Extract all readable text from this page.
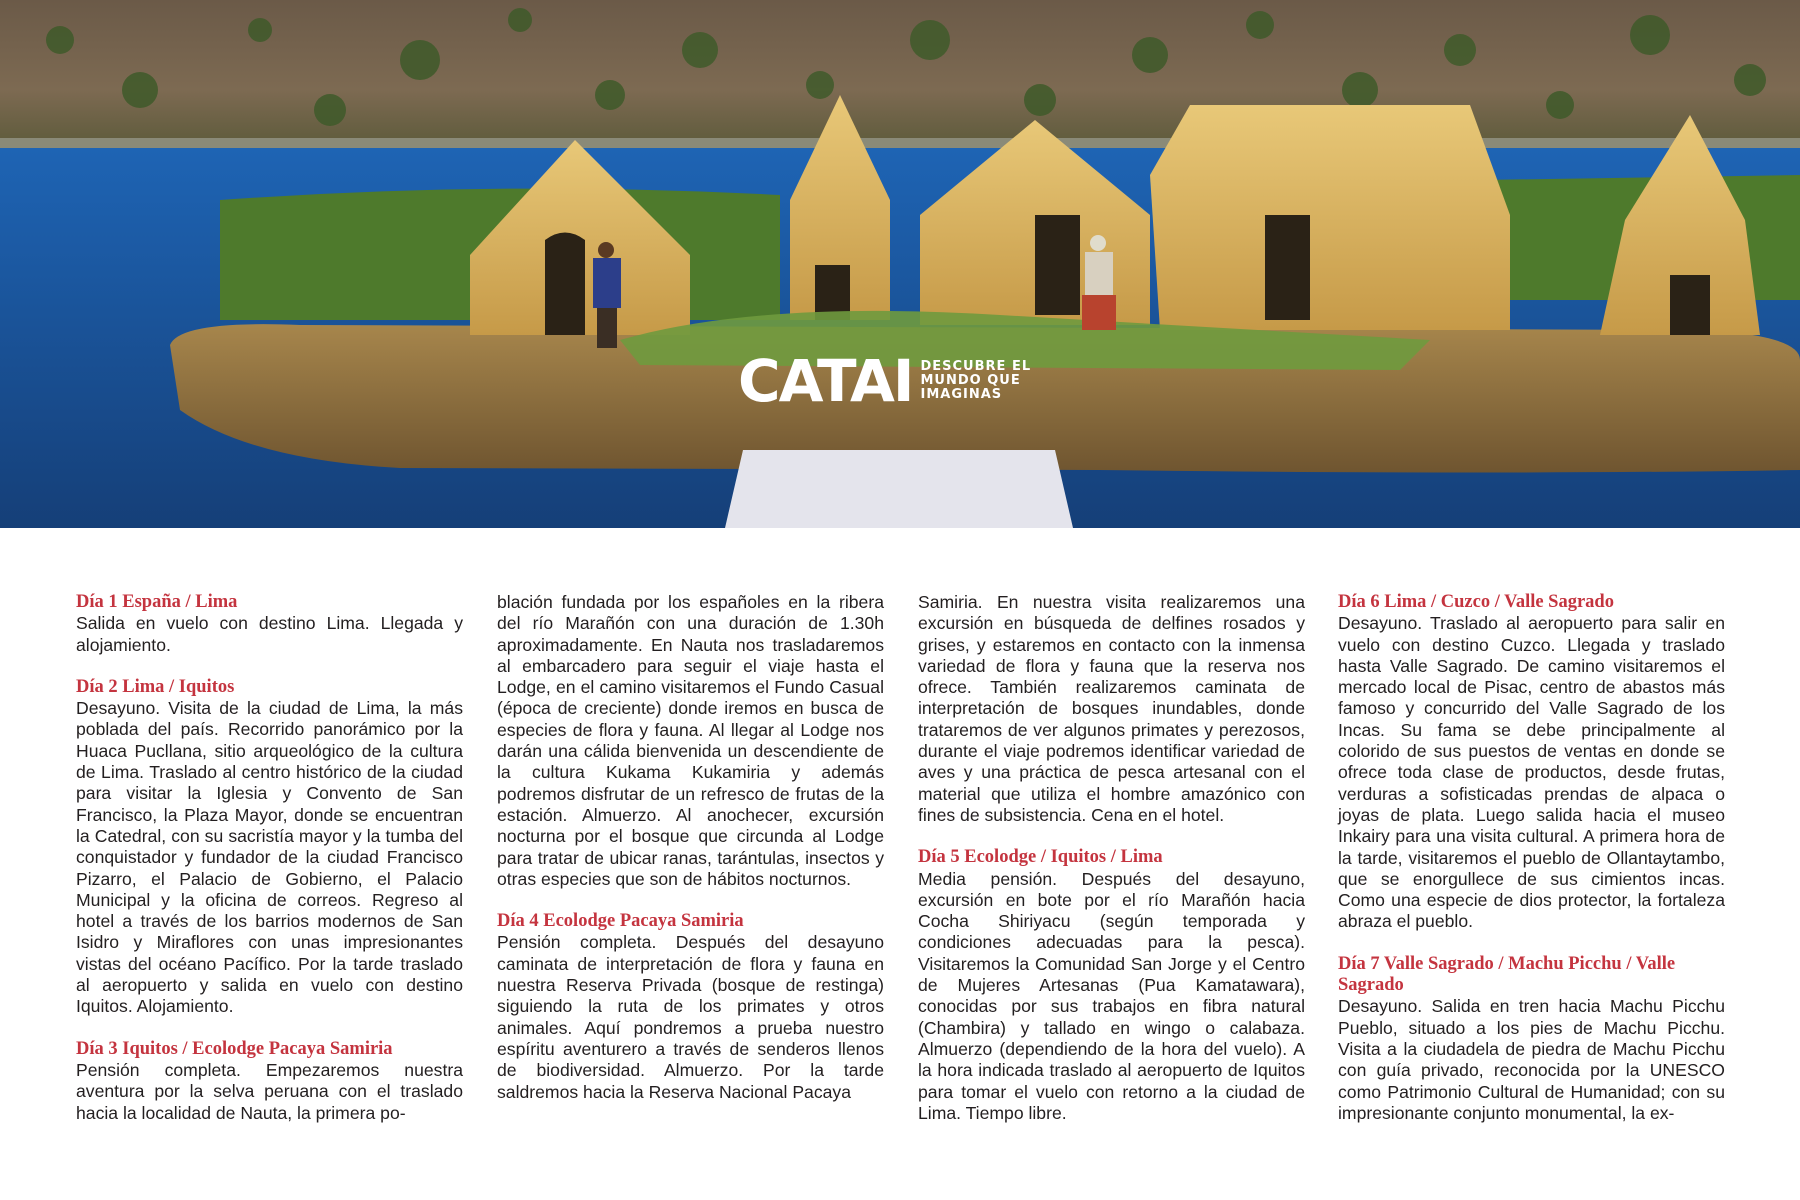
CATAI DESCUBRE EL
MUNDO QUE
IMAGINAS
Día 1 España / Lima
Salida en vuelo con destino Lima. Llegada y alojamiento.
Día 2 Lima / Iquitos
Desayuno. Visita de la ciudad de Lima, la más poblada del país. Recorrido panorámico por la Huaca Pucllana, sitio arqueológico de la cultura de Lima. Traslado al centro histórico de la ciudad para visitar la Iglesia y Convento de San Francisco, la Plaza Mayor, donde se encuentran la Catedral, con su sacristía mayor y la tumba del conquistador y fundador de la ciudad Francisco Pizarro, el Palacio de Gobierno, el Palacio Municipal y la oficina de correos. Regreso al hotel a través de los barrios modernos de San Isidro y Miraflores con unas impresionantes vistas del océano Pacífico. Por la tarde traslado al aeropuerto y salida en vuelo con destino Iquitos. Alojamiento.
Día 3 Iquitos / Ecolodge Pacaya Samiria
Pensión completa. Empezaremos nuestra aventura por la selva peruana con el traslado hacia la localidad de Nauta, la primera po-
blación fundada por los españoles en la ribera del río Marañón con una duración de 1.30h aproximadamente. En Nauta nos trasladaremos al embarcadero para seguir el viaje hasta el Lodge, en el camino visitaremos el Fundo Casual (época de creciente) donde iremos en busca de especies de flora y fauna. Al llegar al Lodge nos darán una cálida bienvenida un descendiente de la cultura Kukama Kukamiria y además podremos disfrutar de un refresco de frutas de la estación. Almuerzo. Al anochecer, excursión nocturna por el bosque que circunda al Lodge para tratar de ubicar ranas, tarántulas, insectos y otras especies que son de hábitos nocturnos.
Día 4 Ecolodge Pacaya Samiria
Pensión completa. Después del desayuno caminata de interpretación de flora y fauna en nuestra Reserva Privada (bosque de restinga) siguiendo la ruta de los primates y otros animales. Aquí pondremos a prueba nuestro espíritu aventurero a través de senderos llenos de biodiversidad. Almuerzo. Por la tarde saldremos hacia la Reserva Nacional Pacaya
Samiria. En nuestra visita realizaremos una excursión en búsqueda de delfines rosados y grises, y estaremos en contacto con la inmensa variedad de flora y fauna que la reserva nos ofrece. También realizaremos caminata de interpretación de bosques inundables, donde trataremos de ver algunos primates y perezosos, durante el viaje podremos identificar variedad de aves y una práctica de pesca artesanal con el material que utiliza el hombre amazónico con fines de subsistencia. Cena en el hotel.
Día 5 Ecolodge / Iquitos / Lima
Media pensión. Después del desayuno, excursión en bote por el río Marañón hacia Cocha Shiriyacu (según temporada y condiciones adecuadas para la pesca). Visitaremos la Comunidad San Jorge y el Centro de Mujeres Artesanas (Pua Kamatawara), conocidas por sus trabajos en fibra natural (Chambira) y tallado en wingo o calabaza. Almuerzo (dependiendo de la hora del vuelo). A la hora indicada traslado al aeropuerto de Iquitos para tomar el vuelo con retorno a la ciudad de Lima. Tiempo libre.
Día 6 Lima / Cuzco / Valle Sagrado
Desayuno. Traslado al aeropuerto para salir en vuelo con destino Cuzco. Llegada y traslado hasta Valle Sagrado. De camino visitaremos el mercado local de Pisac, centro de abastos más famoso y concurrido del Valle Sagrado de los Incas. Su fama se debe principalmente al colorido de sus puestos de ventas en donde se ofrece toda clase de productos, desde frutas, verduras a sofisticadas prendas de alpaca o joyas de plata. Luego salida hacia el museo Inkairy para una visita cultural. A primera hora de la tarde, visitaremos el pueblo de Ollantaytambo, que se enorgullece de sus cimientos incas. Como una especie de dios protector, la fortaleza abraza el pueblo.
Día 7 Valle Sagrado / Machu Picchu / Valle Sagrado
Desayuno. Salida en tren hacia Machu Picchu Pueblo, situado a los pies de Machu Picchu. Visita a la ciudadela de piedra de Machu Picchu con guía privado, reconocida por la UNESCO como Patrimonio Cultural de Humanidad; con su impresionante conjunto monumental, la ex-
